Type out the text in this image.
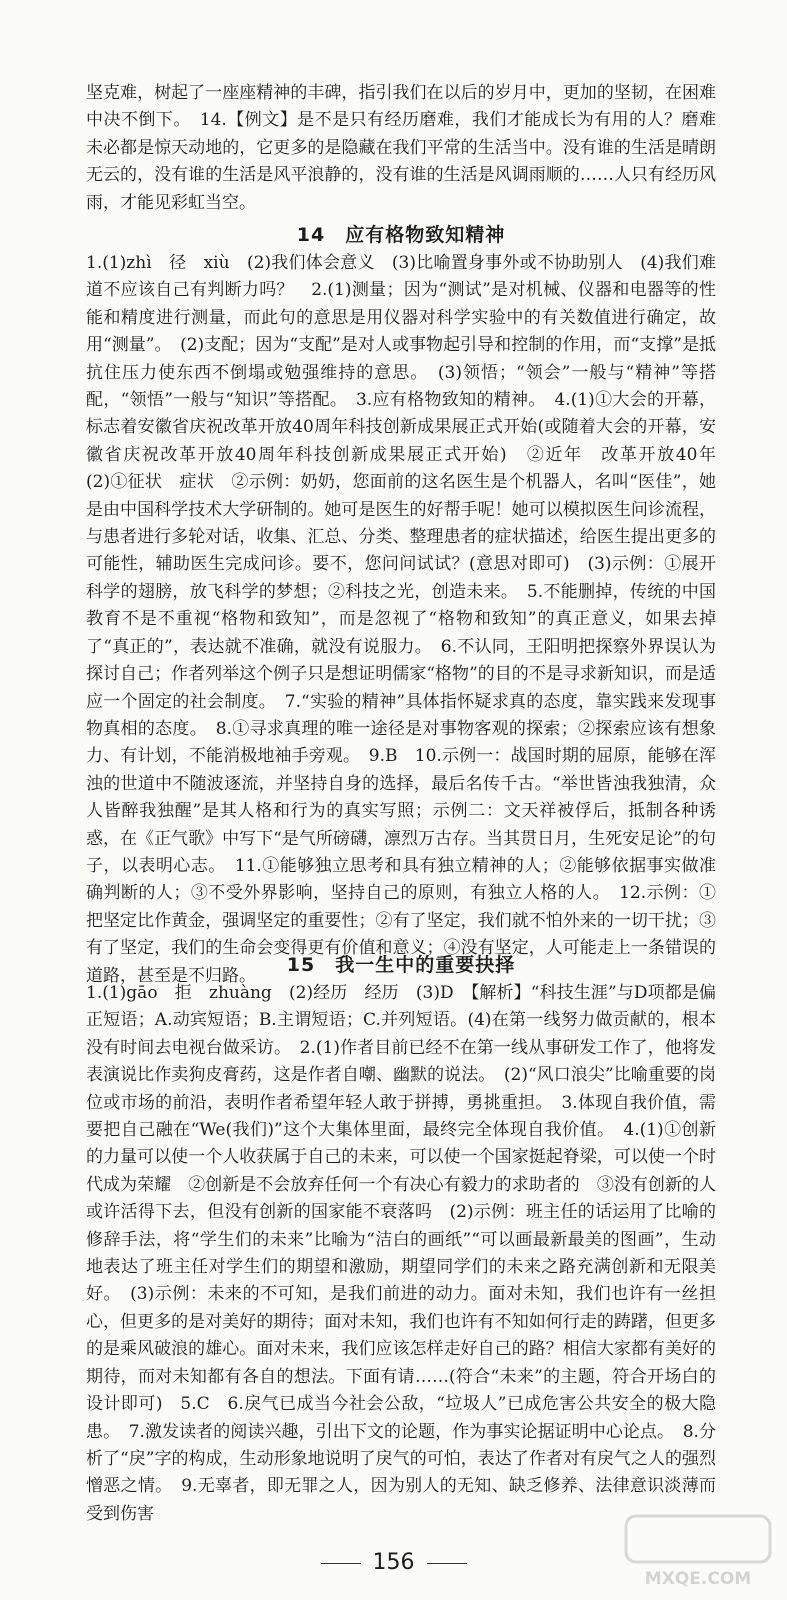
坚克难，树起了一座座精神的丰碑，指引我们在以后的岁月中，更加的坚韧，在困难中决不倒下。　14.【例文】是不是只有经历磨难，我们才能成长为有用的人？磨难未必都是惊天动地的，它更多的是隐藏在我们平常的生活当中。没有谁的生活是晴朗无云的，没有谁的生活是风平浪静的，没有谁的生活是风调雨顺的……人只有经历风雨，才能见彩虹当空。

14　应有格物致知精神

1.(1)zhì　径　xiù　(2)我们体会意义　(3)比喻置身事外或不协助别人　(4)我们难道不应该自己有判断力吗？　2.(1)测量；因为“测试”是对机械、仪器和电器等的性能和精度进行测量，而此句的意思是用仪器对科学实验中的有关数值进行确定，故用“测量”。　(2)支配；因为“支配”是对人或事物起引导和控制的作用，而“支撑”是抵抗住压力使东西不倒塌或勉强维持的意思。　(3)领悟；“领会”一般与“精神”等搭配，“领悟”一般与“知识”等搭配。　3.应有格物致知的精神。　4.(1)①大会的开幕，标志着安徽省庆祝改革开放40周年科技创新成果展正式开始(或随着大会的开幕，安徽省庆祝改革开放40周年科技创新成果展正式开始)　②近年　改革开放40年　(2)①征状　症状　②示例：奶奶，您面前的这名医生是个机器人，名叫“医佳”，她是由中国科学技术大学研制的。她可是医生的好帮手呢！她可以模拟医生问诊流程，与患者进行多轮对话，收集、汇总、分类、整理患者的症状描述，给医生提出更多的可能性，辅助医生完成问诊。要不，您问问试试？(意思对即可)　(3)示例：①展开科学的翅膀，放飞科学的梦想；②科技之光，创造未来。　5.不能删掉，传统的中国教育不是不重视“格物和致知”，而是忽视了“格物和致知”的真正意义，如果去掉了“真正的”，表达就不准确，就没有说服力。　6.不认同，王阳明把探察外界误认为探讨自己；作者列举这个例子只是想证明儒家“格物”的目的不是寻求新知识，而是适应一个固定的社会制度。　7.“实验的精神”具体指怀疑求真的态度，靠实践来发现事物真相的态度。　8.①寻求真理的唯一途径是对事物客观的探索；②探索应该有想象力、有计划，不能消极地袖手旁观。　9.B　10.示例一：战国时期的屈原，能够在浑浊的世道中不随波逐流，并坚持自身的选择，最后名传千古。“举世皆浊我独清，众人皆醉我独醒”是其人格和行为的真实写照；示例二：文天祥被俘后，抵制各种诱惑，在《正气歌》中写下“是气所磅礴，凛烈万古存。当其贯日月，生死安足论”的句子，以表明心志。　11.①能够独立思考和具有独立精神的人；②能够依据事实做准确判断的人；③不受外界影响，坚持自己的原则，有独立人格的人。　12.示例：①把坚定比作黄金，强调坚定的重要性；②有了坚定，我们就不怕外来的一切干扰；③有了坚定，我们的生命会变得更有价值和意义；④没有坚定，人可能走上一条错误的道路，甚至是不归路。	15　我一生中的重要抉择

1.(1)gāo　拒　zhuàng　(2)经历　经历　(3)D　【解析】“科技生涯”与D项都是偏正短语；A.动宾短语；B.主谓短语；C.并列短语。(4)在第一线努力做贡献的，根本没有时间去电视台做采访。　2.(1)作者目前已经不在第一线从事研发工作了，他将发表演说比作卖狗皮膏药，这是作者自嘲、幽默的说法。　(2)“风口浪尖”比喻重要的岗位或市场的前沿，表明作者希望年轻人敢于拼搏，勇挑重担。　3.体现自我价值，需要把自己融在“We(我们)”这个大集体里面，最终完全体现自我价值。　4.(1)①创新的力量可以使一个人收获属于自己的未来，可以使一个国家挺起脊梁，可以使一个时代成为荣耀　②创新是不会放弃任何一个有决心有毅力的求助者的　③没有创新的人或许活得下去，但没有创新的国家能不衰落吗　(2)示例：班主任的话运用了比喻的修辞手法，将“学生们的未来”比喻为“洁白的画纸”“可以画最新最美的图画”，生动地表达了班主任对学生们的期望和激励，期望同学们的未来之路充满创新和无限美好。　(3)示例：未来的不可知，是我们前进的动力。面对未知，我们也许有一丝担心，但更多的是对美好的期待；面对未知，我们也许有不知如何行走的踌躇，但更多的是乘风破浪的雄心。面对未来，我们应该怎样走好自己的路？相信大家都有美好的期待，而对未知都有各自的想法。下面有请……(符合“未来”的主题，符合开场白的设计即可)　5.C　6.戾气已成当今社会公敌，“垃圾人”已成危害公共安全的极大隐患。　7.激发读者的阅读兴趣，引出下文的论题，作为事实论据证明中心论点。　8.分析了“戾”字的构成，生动形象地说明了戾气的可怕，表达了作者对有戾气之人的强烈憎恶之情。　9.无辜者，即无罪之人，因为别人的无知、缺乏修养、法律意识淡薄而受到伤害

156
MXQE.COM
